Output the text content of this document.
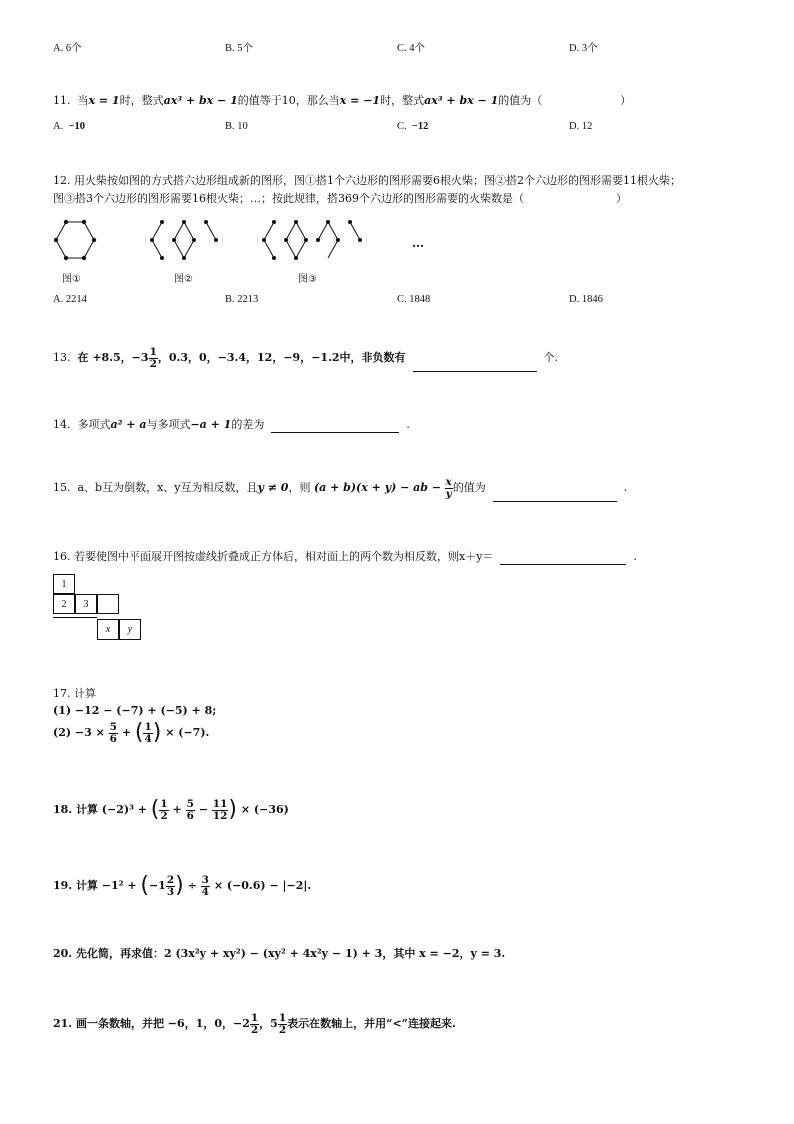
A. 6个	B. 5个	C. 4个	D. 3个
11. 当x = 1时，整式ax³ + bx − 1的值等于10，那么当x = −1时，整式ax³ + bx − 1的值为（	）
A. −10	B. 10	C. −12	D. 12
12. 用火柴按如图的方式搭六边形组成新的图形，图①搭1个六边形的图形需要6根火柴；图②搭2个六边形的图形需要11根火柴；
图③搭3个六边形的图形需要16根火柴；…；按此规律，搭369个六边形的图形需要的火柴数是（	）
…
图①	图②	图③
A. 2214	B. 2213	C. 1848	D. 1846
13. 在 +8.5，$-3 \frac{1}{2}$ ，0.3，0，−3.4，12，−9，−1.2中，非负数有	个.
14. 多项式a² + a与多项式−a + 1的差为	.
15. a、b互为倒数，x、y互为相反数，且y ≠ 0，则 (a + b)(x + y) − ab − $\frac{x}{y}$ 的值为	.
16. 若要使图中平面展开图按虚线折叠成正方体后，相对面上的两个数为相反数，则x＋y＝	.
1
2	3
x	y
17. 计算
(1) −12 − (−7) + (−5) + 8;
$(2) -3 \times \frac{5}{6}$ + ( $\frac{1}{4}$ ) × (−7).
18. 计算 (−2)³ + ( $\frac{1}{2} + \frac{5}{6} - \frac{11}{12}$ ) × (−36)
19. 计算 $-1^2 + (-1 \frac{2}{3}$ ) ÷ $\frac{3}{4} \times (-0.6) - |-2|$.
20. 先化简，再求值：2 (3x²y + xy²) − (xy² + 4x²y − 1) + 3，其中 x = −2，y = 3.
21. 画一条数轴，并把 −6，1，0，$-2 \frac{1}{2}$ ，$5 \frac{1}{2}$ 表示在数轴上，并用“<”连接起来.
